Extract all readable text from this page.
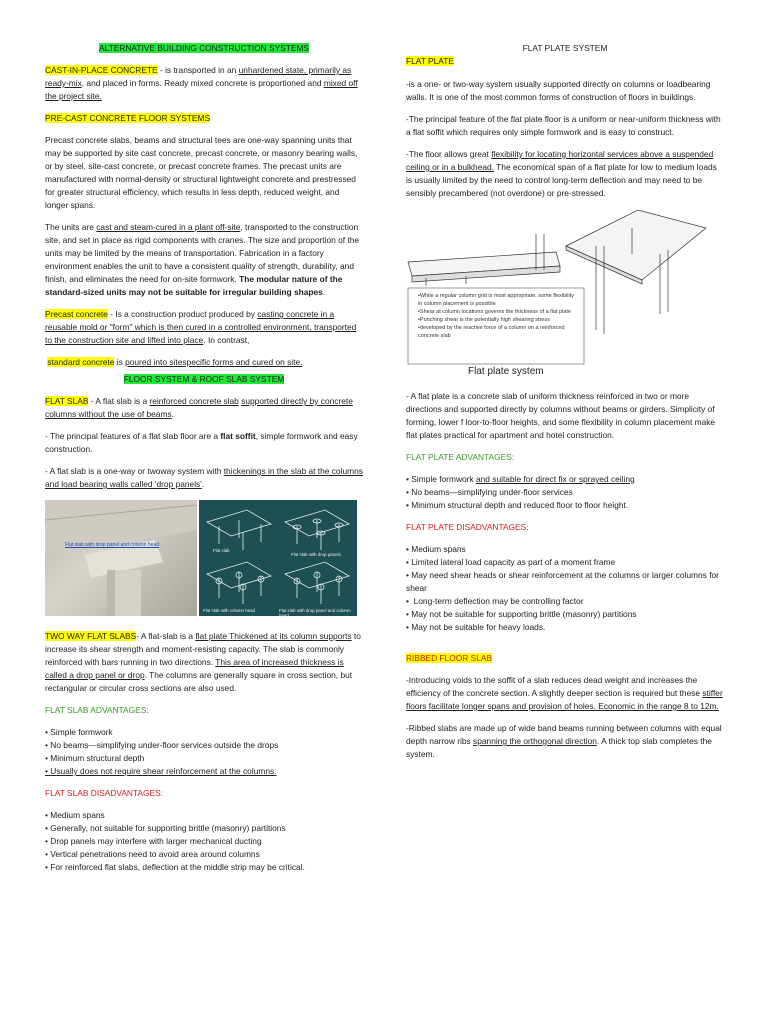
ALTERNATIVE BUILDING CONSTRUCTION SYSTEMS

CAST-IN-PLACE CONCRETE - is transported in an unhardened state, primarily as ready-mix, and placed in forms. Ready mixed concrete is proportioned and mixed off the project site.

PRE-CAST CONCRETE FLOOR SYSTEMS

Precast concrete slabs, beams and structural tees are one-way spanning units that may be supported by site cast concrete, precast concrete, or masonry bearing walls, or by steel, site-cast concrete, or precast concrete frames. The precast units are manufactured with normal-density or structural lightweight concrete and prestressed for greater structural efficiency, which results in less depth, reduced weight, and longer spans.

The units are cast and steam-cured in a plant off-site, transported to the construction site, and set in place as rigid components with cranes. The size and proportion of the units may be limited by the means of transportation. Fabrication in a factory environment enables the unit to have a consistent quality of strength, durability, and finish, and eliminates the need for on-site formwork. The modular nature of the standard-sized units may not be suitable for irregular building shapes.

Precast concrete - Is a construction product produced by casting concrete in a reusable mold or "form" which is then cured in a controlled environment, transported to the construction site and lifted into place. In contrast,

standard concrete is poured into sitespecific forms and cured on site.

FLOOR SYSTEM & ROOF SLAB SYSTEM

FLAT SLAB - A flat slab is a reinforced concrete slab supported directly by concrete columns without the use of beams.

- The principal features of a flat slab floor are a flat soffit, simple formwork and easy construction.

- A flat slab is a one-way or twoway system with thickenings in the slab at the columns and load bearing walls called 'drop panels'.

Flat slab with drop panel and column head
Flat slab
Flat slab with drop panels
Flat slab with column head	Flat slab with drop panel and column head

TWO WAY FLAT SLABS- A flat-slab is a flat plate Thickened at its column supports to increase its shear strength and moment-resisting capacity. The slab is commonly reinforced with bars running in two directions. This area of increased thickness is called a drop panel or drop. The columns are generally square in cross section, but rectangular or circular cross sections are also used.

FLAT SLAB ADVANTAGES:

• Simple formwork
• No beams—simplifying under-floor services outside the drops
• Minimum structural depth
• Usually does not require shear reinforcement at the columns.

FLAT SLAB DISADVANTAGES:

• Medium spans
• Generally, not suitable for supporting brittle (masonry) partitions
• Drop panels may interfere with larger mechanical ducting
• Vertical penetrations need to avoid area around columns
• For reinforced flat slabs, deflection at the middle strip may be critical.

FLAT PLATE SYSTEM

FLAT PLATE

-is a one- or two-way system usually supported directly on columns or loadbearing walls. It is one of the most common forms of construction of floors in buildings.

-The principal feature of the flat plate floor is a uniform or near-uniform thickness with a flat soffit which requires only simple formwork and is easy to construct.

-The floor allows great flexibility for locating horizontal services above a suspended ceiling or in a bulkhead. The economical span of a flat plate for low to medium loads is usually limited by the need to control long-term deflection and may need to be sensibly precambered (not overdone) or pre-stressed.

•While a regular column grid is most appropriate, some flexibility in column placement is possible
•Shear at column locations governs the thickness of a flat plate
•Punching shear is the potentially high shearing stress
•developed by the reactive force of a column on a reinforced concrete slab
Flat plate system

- A flat plate is a concrete slab of uniform thickness reinforced in two or more directions and supported directly by columns without beams or girders. Simplicity of forming, lower f loor-to-floor heights, and some flexibility in column placement make flat plates practical for apartment and hotel construction.

FLAT PLATE ADVANTAGES:

• Simple formwork and suitable for direct fix or sprayed ceiling
• No beams—simplifying under-floor services
• Minimum structural depth and reduced floor to floor height.

FLAT PLATE DISADVANTAGES:

• Medium spans
• Limited lateral load capacity as part of a moment frame
• May need shear heads or shear reinforcement at the columns or larger columns for shear
•  Long-term deflection may be controlling factor
• May not be suitable for supporting brittle (masonry) partitions
• May not be suitable for heavy loads.

RIBBED FLOOR SLAB

-Introducing voids to the soffit of a slab reduces dead weight and increases the efficiency of the concrete section. A slightly deeper section is required but these stiffer floors facilitate longer spans and provision of holes. Economic in the range 8 to 12m.

-Ribbed slabs are made up of wide band beams running between columns with equal depth narrow ribs spanning the orthogonal direction. A thick top slab completes the system.
